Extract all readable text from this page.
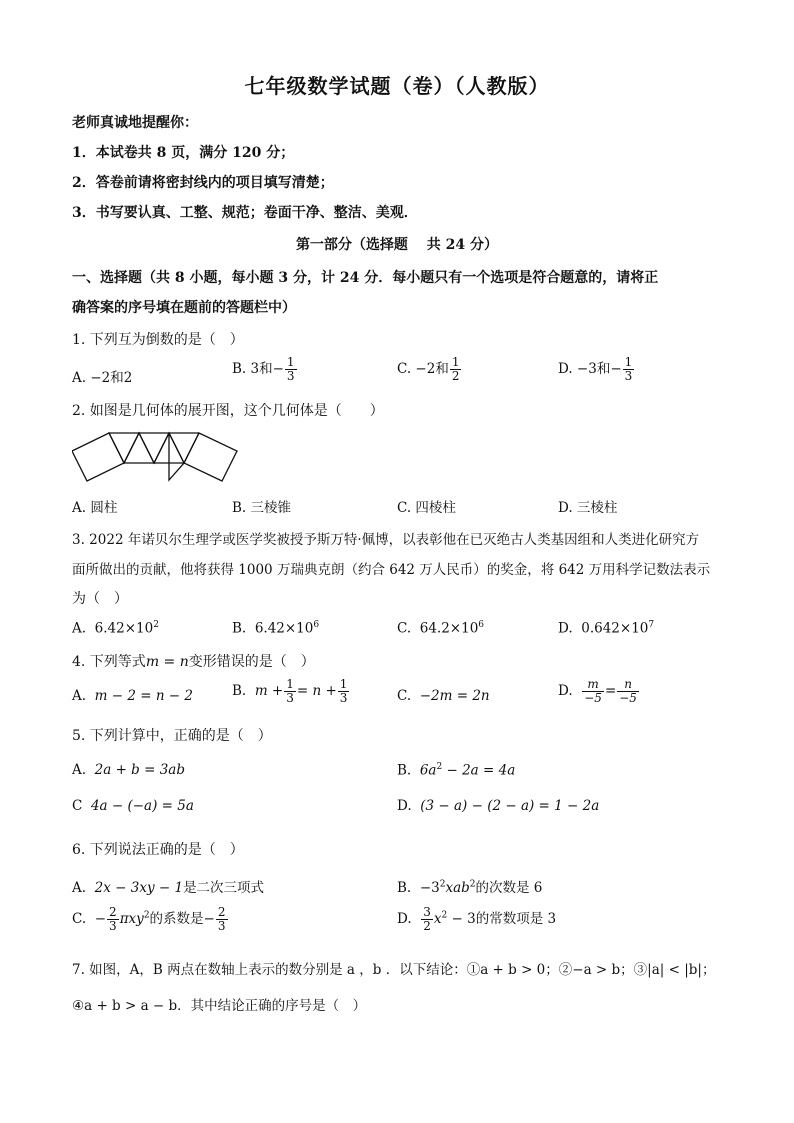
七年级数学试题（卷）（人教版）
老师真诚地提醒你：
1．本试卷共 8 页，满分 120 分；
2．答卷前请将密封线内的项目填写清楚；
3．书写要认真、工整、规范；卷面干净、整洁、美观．
第一部分（选择题　 共 24 分）
一、选择题（共 8 小题，每小题 3 分，计 24 分．每小题只有一个选项是符合题意的，请将正
确答案的序号填在题前的答题栏中）
1. 下列互为倒数的是（　）
A. −2和2
B. 3和− $\frac{1}{3}$	C. −2和 $\frac{1}{2}$	D. −3和− $\frac{1}{3}$
2. 如图是几何体的展开图，这个几何体是（　　）
A. 圆柱	B. 三棱锥	C. 四棱柱	D. 三棱柱
3. 2022 年诺贝尔生理学或医学奖被授予斯万特·佩博，以表彰他在已灭绝古人类基因组和人类进化研究方
面所做出的贡献，他将获得 1000 万瑞典克朗（约合 642 万人民币）的奖金，将 642 万用科学记数法表示
为（　）
A. $6.42\times 10^2$	B. $6.42\times 10^6$	C. $64.2\times 10^6$	D. $0.642\times 10^7$
4. 下列等式m = n变形错误的是（　）
A. m − 2 = n − 2	B. $m + \frac{1}{3} = n + \frac{1}{3}$	C. −2m = 2n	D. $\frac{m}{-5} = \frac{n}{-5}$
5. 下列计算中，正确的是（　）
A. 2a + b = 3ab	B. $6a^2 - 2a = 4a$
C 4a − (−a) = 5a	D. (3 − a) − (2 − a) = 1 − 2a
6. 下列说法正确的是（　）
A. 2x − 3xy − 1是二次三项式	B. $-3^2xab^2$的次数是 6
C. − $\frac{2}{3} \pi xy^2$的系数是− $\frac{2}{3}$	D. $\frac{3}{2} x^2 - 3$的常数项是 3
7. 如图，A，B 两点在数轴上表示的数分别是 a ，b ．以下结论：①a + b > 0；②−a > b；③|a| < |b|；
④a + b > a − b．其中结论正确的序号是（　）
